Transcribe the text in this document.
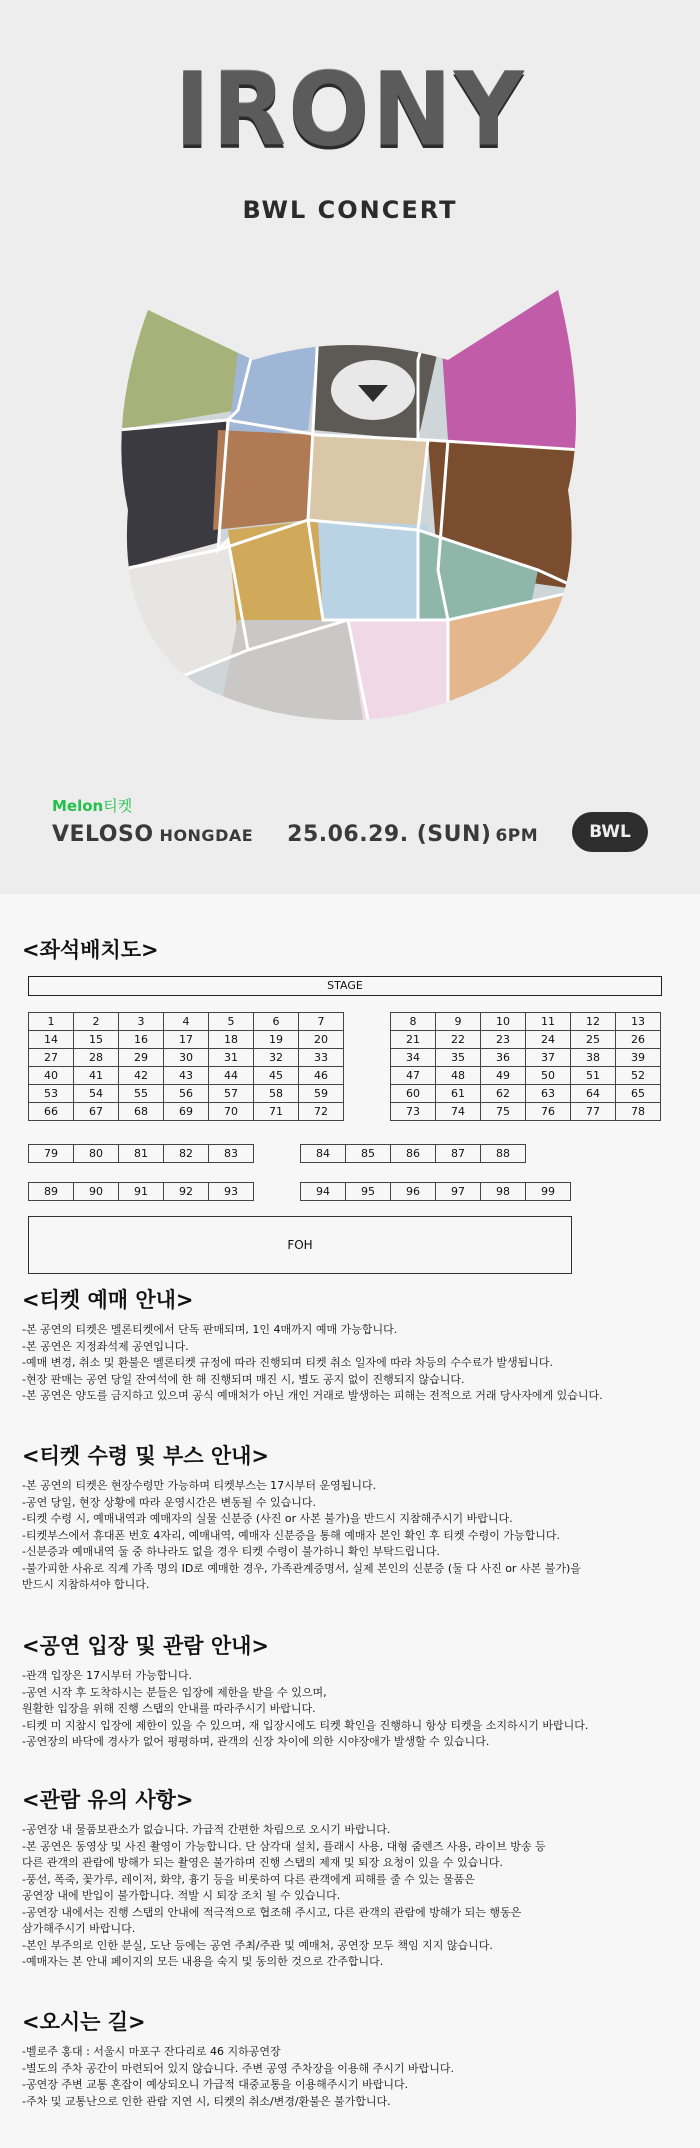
IRONY
BWL CONCERT
Melon티켓
VELOSO HONGDAE 25.06.29. (SUN) 6PM	BWL
<좌석배치도>
STAGE
1	2	3	4	5	6	7
14	15	16	17	18	19	20
27	28	29	30	31	32	33
40	41	42	43	44	45	46
53	54	55	56	57	58	59
66	67	68	69	70	71	72
8	9	10	11	12	13
21	22	23	24	25	26
34	35	36	37	38	39
47	48	49	50	51	52
60	61	62	63	64	65
73	74	75	76	77	78
79	80	81	82	83	84	85	86	87	88
89	90	91	92	93	94	95	96	97	98	99
FOH
<티켓 예매 안내>
-본 공연의 티켓은 멜론티켓에서 단독 판매되며, 1인 4매까지 예매 가능합니다.
-본 공연은 지정좌석제 공연입니다.
-예매 변경, 취소 및 환불은 멜론티켓 규정에 따라 진행되며 티켓 취소 일자에 따라 차등의 수수료가 발생됩니다.
-현장 판매는 공연 당일 잔여석에 한 해 진행되며 매진 시, 별도 공지 없이 진행되지 않습니다.
-본 공연은 양도를 금지하고 있으며 공식 예매처가 아닌 개인 거래로 발생하는 피해는 전적으로 거래 당사자에게 있습니다.
<티켓 수령 및 부스 안내>
-본 공연의 티켓은 현장수령만 가능하며 티켓부스는 17시부터 운영됩니다.
-공연 당일, 현장 상황에 따라 운영시간은 변동될 수 있습니다.
-티켓 수령 시, 예매내역과 예매자의 실물 신분증 (사진 or 사본 불가)을 반드시 지참해주시기 바랍니다.
-티켓부스에서 휴대폰 번호 4자리, 예매내역, 예매자 신분증을 통해 예매자 본인 확인 후 티켓 수령이 가능합니다.
-신분증과 예매내역 둘 중 하나라도 없을 경우 티켓 수령이 불가하니 확인 부탁드립니다.
-불가피한 사유로 직계 가족 명의 ID로 예매한 경우, 가족관계증명서, 실제 본인의 신분증 (둘 다 사진 or 사본 불가)을
반드시 지참하셔야 합니다.
<공연 입장 및 관람 안내>
-관객 입장은 17시부터 가능합니다.
-공연 시작 후 도착하시는 분들은 입장에 제한을 받을 수 있으며,
원활한 입장을 위해 진행 스탭의 안내를 따라주시기 바랍니다.
-티켓 미 지참시 입장에 제한이 있을 수 있으며, 재 입장시에도 티켓 확인을 진행하니 항상 티켓을 소지하시기 바랍니다.
-공연장의 바닥에 경사가 없어 평평하며, 관객의 신장 차이에 의한 시야장애가 발생할 수 있습니다.
<관람 유의 사항>
-공연장 내 물품보관소가 없습니다. 가급적 간편한 차림으로 오시기 바랍니다.
-본 공연은 동영상 및 사진 촬영이 가능합니다. 단 삼각대 설치, 플래시 사용, 대형 줌렌즈 사용, 라이브 방송 등
다른 관객의 관람에 방해가 되는 촬영은 불가하며 진행 스탭의 제재 및 퇴장 요청이 있을 수 있습니다.
-풍선, 폭죽, 꽃가루, 레이저, 화약, 흉기 등을 비롯하여 다른 관객에게 피해를 줄 수 있는 물품은
공연장 내에 반입이 불가합니다. 적발 시 퇴장 조치 될 수 있습니다.
-공연장 내에서는 진행 스탭의 안내에 적극적으로 협조해 주시고, 다른 관객의 관람에 방해가 되는 행동은
삼가해주시기 바랍니다.
-본인 부주의로 인한 분실, 도난 등에는 공연 주최/주관 및 예매처, 공연장 모두 책임 지지 않습니다.
-예매자는 본 안내 페이지의 모든 내용을 숙지 및 동의한 것으로 간주합니다.
<오시는 길>
-벨로주 홍대 : 서울시 마포구 잔다리로 46 지하공연장
-별도의 주차 공간이 마련되어 있지 않습니다. 주변 공영 주차장을 이용해 주시기 바랍니다.
-공연장 주변 교통 혼잡이 예상되오니 가급적 대중교통을 이용해주시기 바랍니다.
-주차 및 교통난으로 인한 관람 지연 시, 티켓의 취소/변경/환불은 불가합니다.
